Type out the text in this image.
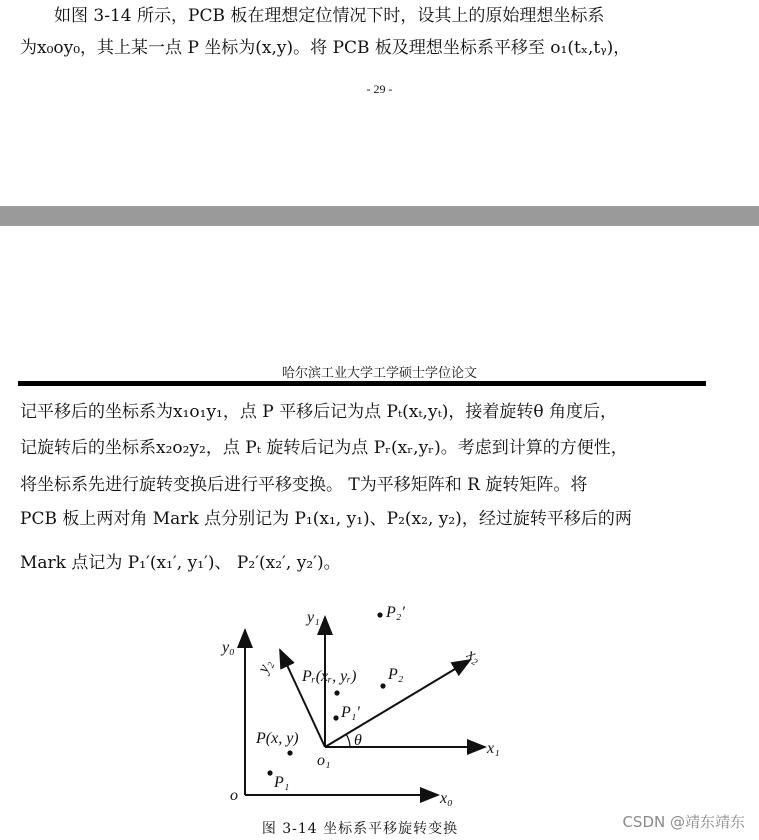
如图 3-14 所示，PCB 板在理想定位情况下时，设其上的原始理想坐标系
为x₀oy₀，其上某一点 P 坐标为(x,y)。将 PCB 板及理想坐标系平移至 o₁(tₓ,tᵧ)，
- 29 -
哈尔滨工业大学工学硕士学位论文
记平移后的坐标系为x₁o₁y₁，点 P 平移后记为点 Pₜ(xₜ,yₜ)，接着旋转θ 角度后，
记旋转后的坐标系x₂o₂y₂，点 Pₜ 旋转后记为点 Pᵣ(xᵣ,yᵣ)。考虑到计算的方便性，
将坐标系先进行旋转变换后进行平移变换。 T为平移矩阵和 R 旋转矩阵。将
PCB 板上两对角 Mark 点分别记为 P₁(x₁, y₁)、P₂(x₂, y₂)，经过旋转平移后的两
Mark 点记为 P₁′(x₁′, y₁′)、 P₂′(x₂′, y₂′)。
y₀
o	x₀
y₁
o₁
x₁
y₂	x₂
P(x, y)
P₁
P₁′
Pᵣ(xᵣ, yᵣ) P₂
P₂′
θ
图 3-14 坐标系平移旋转变换	CSDN @靖东靖东
